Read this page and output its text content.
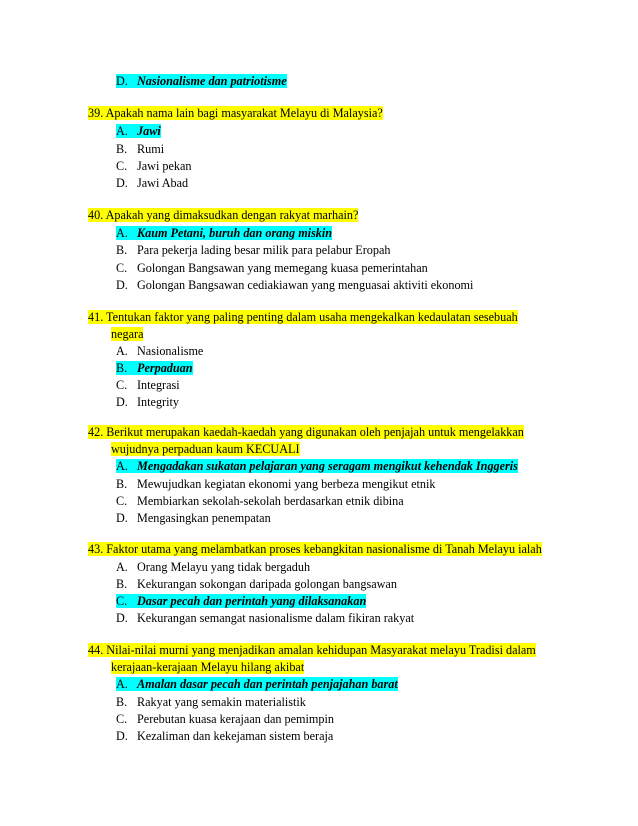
D. Nasionalisme dan patriotisme
39. Apakah nama lain bagi masyarakat Melayu di Malaysia?
A. Jawi
B. Rumi
C. Jawi pekan
D. Jawi Abad
40. Apakah yang dimaksudkan dengan rakyat marhain?
A. Kaum Petani, buruh dan orang miskin
B. Para pekerja lading besar milik para pelabur Eropah
C. Golongan Bangsawan yang memegang kuasa pemerintahan
D. Golongan Bangsawan cediakiawan yang menguasai aktiviti ekonomi
41. Tentukan faktor yang paling penting dalam usaha mengekalkan kedaulatan sesebuah
negara
A. Nasionalisme
B. Perpaduan
C. Integrasi
D. Integrity
42. Berikut merupakan kaedah-kaedah yang digunakan oleh penjajah untuk mengelakkan
wujudnya perpaduan kaum KECUALI
A. Mengadakan sukatan pelajaran yang seragam mengikut kehendak Inggeris
B. Mewujudkan kegiatan ekonomi yang berbeza mengikut etnik
C. Membiarkan sekolah-sekolah berdasarkan etnik dibina
D. Mengasingkan penempatan
43. Faktor utama yang melambatkan proses kebangkitan nasionalisme di Tanah Melayu ialah
A. Orang Melayu yang tidak bergaduh
B. Kekurangan sokongan daripada golongan bangsawan
C. Dasar pecah dan perintah yang dilaksanakan
D. Kekurangan semangat nasionalisme dalam fikiran rakyat
44. Nilai-nilai murni yang menjadikan amalan kehidupan Masyarakat melayu Tradisi dalam
kerajaan-kerajaan Melayu hilang akibat
A. Amalan dasar pecah dan perintah penjajahan barat
B. Rakyat yang semakin materialistik
C. Perebutan kuasa kerajaan dan pemimpin
D. Kezaliman dan kekejaman sistem beraja
